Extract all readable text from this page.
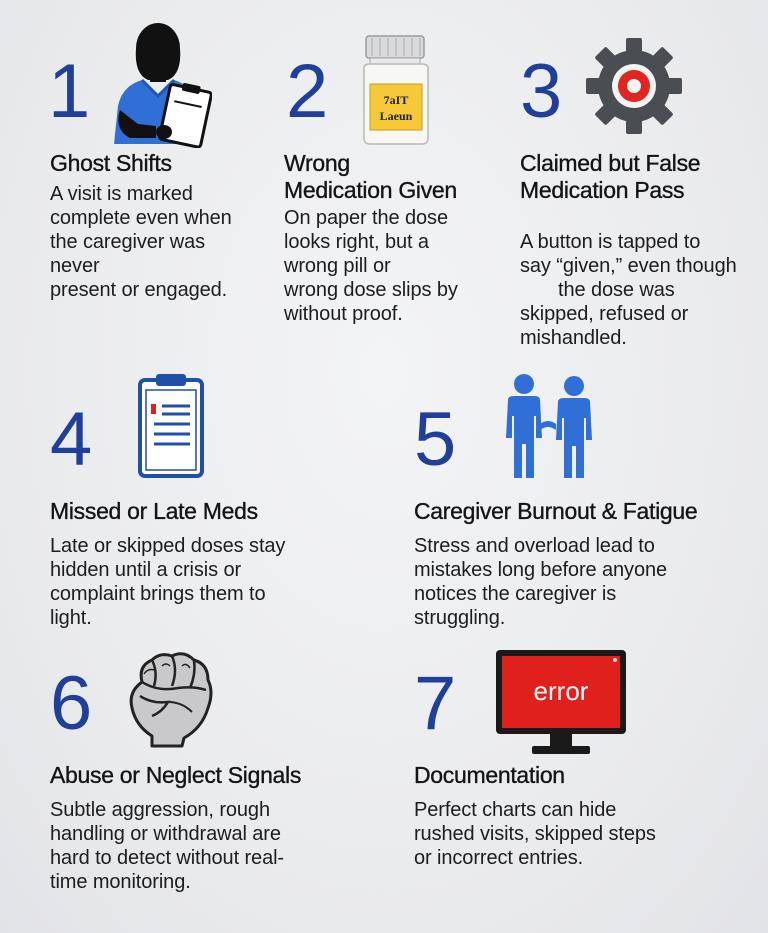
1
Ghost Shifts
A visit is marked
complete even when
the caregiver was
never
present or engaged.
2	7aIT
Laeun
Wrong
Medication Given
On paper the dose
looks right, but a
wrong pill or
wrong dose slips by
without proof.
3
Claimed but False
Medication Pass
A button is tapped to
say “given,” even though
the dose was
skipped, refused or
mishandled.
4
Missed or Late Meds
Late or skipped doses stay
hidden until a crisis or
complaint brings them to
light.
5
Caregiver Burnout & Fatigue
Stress and overload lead to
mistakes long before anyone
notices the caregiver is
struggling.
6
Abuse or Neglect Signals
Subtle aggression, rough
handling or withdrawal are
hard to detect without real-
time monitoring.
7	error
Documentation
Perfect charts can hide
rushed visits, skipped steps
or incorrect entries.
